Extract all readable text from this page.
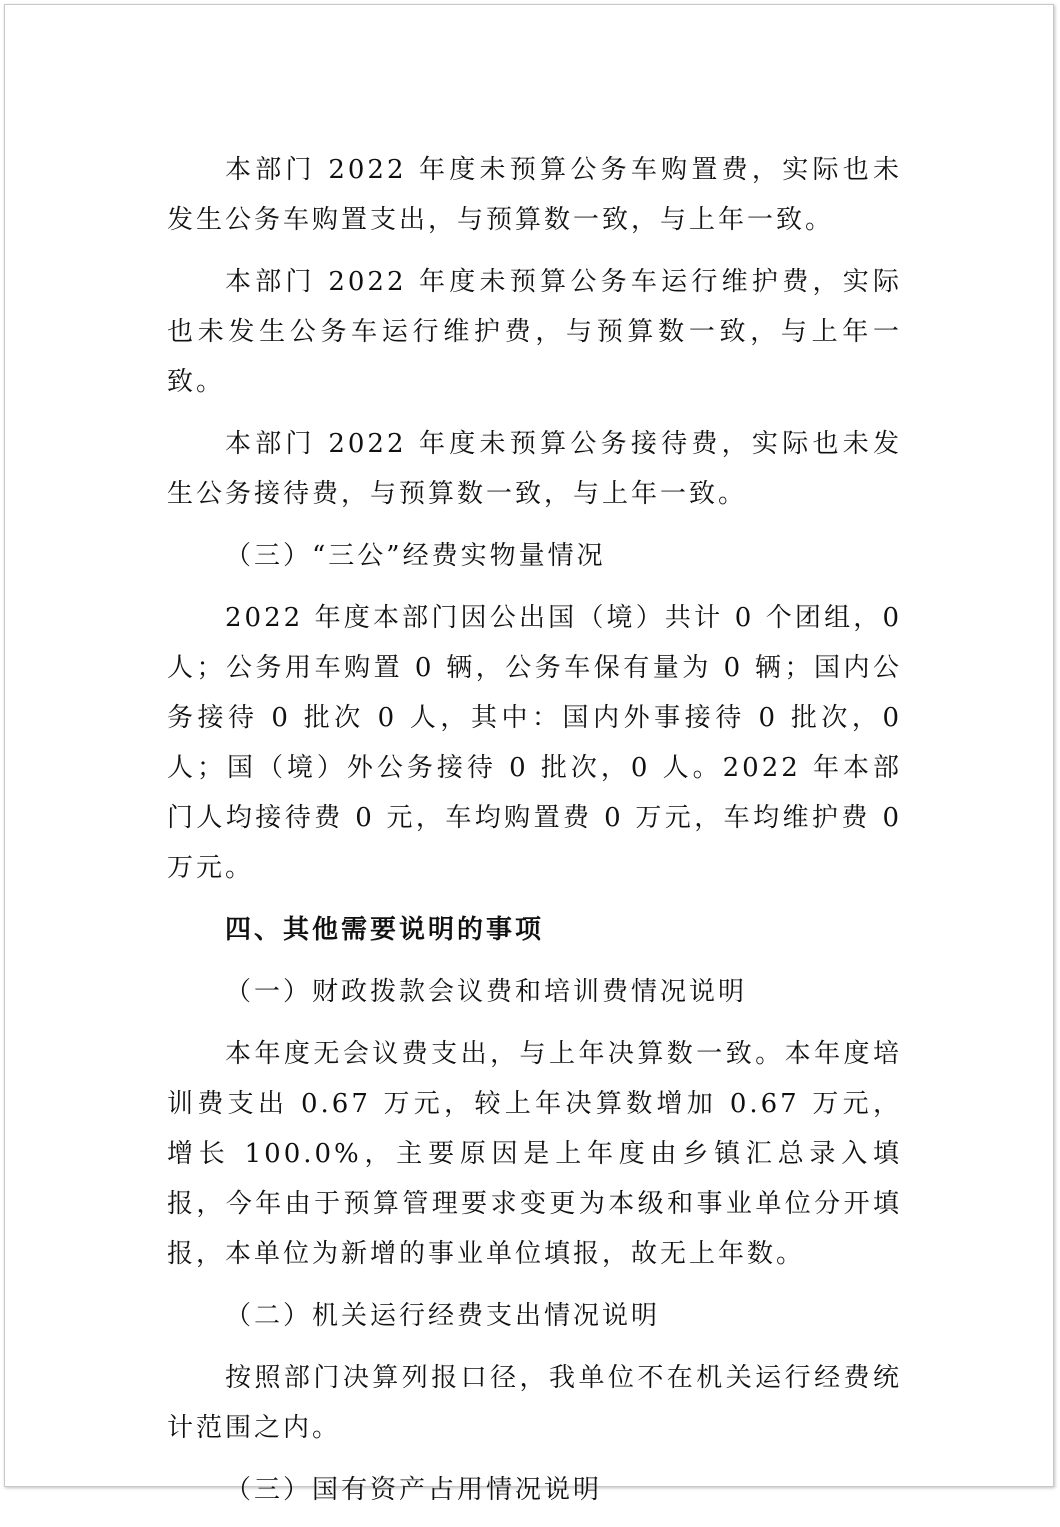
本部门 2022 年度未预算公务车购置费，实际也未发生公务车购置支出，与预算数一致，与上年一致。

本部门 2022 年度未预算公务车运行维护费，实际也未发生公务车运行维护费，与预算数一致，与上年一致。

本部门 2022 年度未预算公务接待费，实际也未发生公务接待费，与预算数一致，与上年一致。

（三）“三公”经费实物量情况

2022 年度本部门因公出国（境）共计 0 个团组，0 人；公务用车购置 0 辆，公务车保有量为 0 辆；国内公务接待 0 批次 0 人，其中：国内外事接待 0 批次，0 人；国（境）外公务接待 0 批次，0 人。2022 年本部门人均接待费 0 元，车均购置费 0 万元，车均维护费 0 万元。

四、其他需要说明的事项

（一）财政拨款会议费和培训费情况说明

本年度无会议费支出，与上年决算数一致。本年度培训费支出 0.67 万元，较上年决算数增加 0.67 万元，增长 100.0%，主要原因是上年度由乡镇汇总录入填报，今年由于预算管理要求变更为本级和事业单位分开填报，本单位为新增的事业单位填报，故无上年数。

（二）机关运行经费支出情况说明

按照部门决算列报口径，我单位不在机关运行经费统计范围之内。

（三）国有资产占用情况说明
